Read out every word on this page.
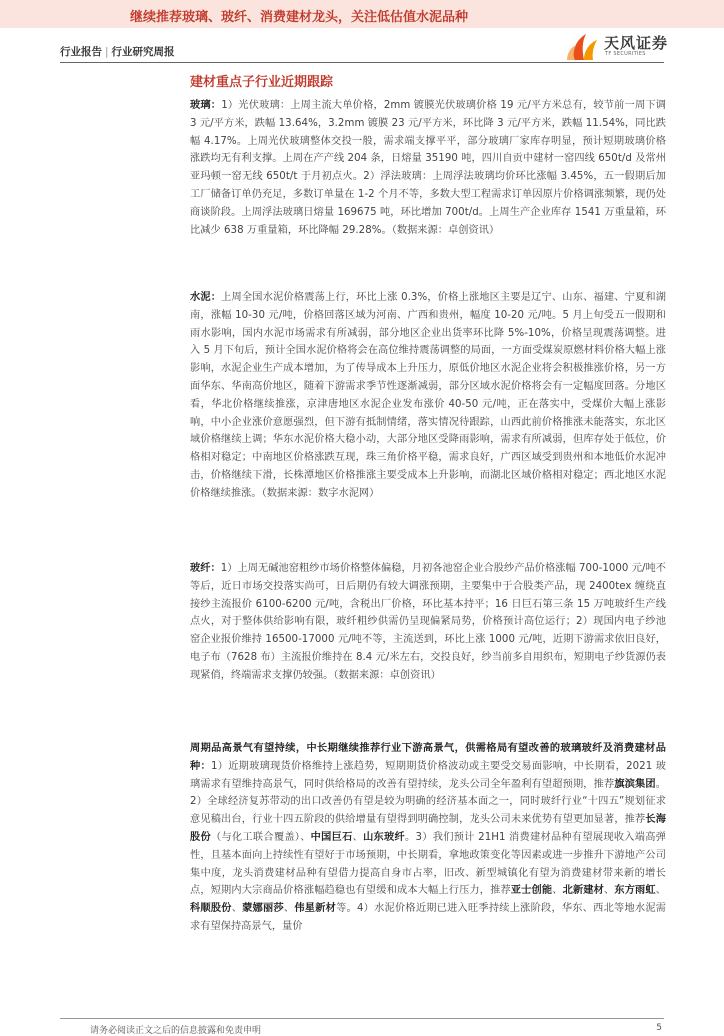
行业报告 | 行业研究周报	天风证券
TF SECURITIES
建材重点子行业近期跟踪
玻璃：1）光伏玻璃：上周主流大单价格，2mm 镀膜光伏玻璃价格 19 元/平方米总有，较节前一周下调 3 元/平方米，跌幅 13.64%，3.2mm 镀膜 23 元/平方米，环比降 3 元/平方米，跌幅 11.54%，同比跌幅 4.17%。上周光伏玻璃整体交投一般，需求端支撑平平，部分玻璃厂家库存明显，预计短期玻璃价格涨跌均无有利支撑。上周在产产线 204 条，日熔量 35190 吨，四川自贡中建材一窑四线 650t/d 及常州亚玛顿一窑无线 650t/t 于月初点火。2）浮法玻璃：上周浮法玻璃均价环比涨幅 3.45%，五一假期后加工厂储备订单仍充足，多数订单量在 1-2 个月不等，多数大型工程需求订单因原片价格调涨频繁，现仍处商谈阶段。上周浮法玻璃日熔量 169675 吨，环比增加 700t/d。上周生产企业库存 1541 万重量箱，环比减少 638 万重量箱，环比降幅 29.28%。（数据来源：卓创资讯）
水泥：上周全国水泥价格震荡上行，环比上涨 0.3%，价格上涨地区主要是辽宁、山东、福建、宁夏和湖南，涨幅 10-30 元/吨，价格回落区域为河南、广西和贵州，幅度 10-20 元/吨。5 月上旬受五一假期和雨水影响，国内水泥市场需求有所减弱，部分地区企业出货率环比降 5%-10%，价格呈现震荡调整。进入 5 月下旬后，预计全国水泥价格将会在高位维持震荡调整的局面，一方面受煤炭原燃材料价格大幅上涨影响，水泥企业生产成本增加，为了传导成本上升压力，原低价地区水泥企业将会积极推涨价格，另一方面华东、华南高价地区，随着下游需求季节性逐渐减弱，部分区域水泥价格将会有一定幅度回落。分地区看，华北价格继续推涨，京津唐地区水泥企业发布涨价 40-50 元/吨，正在落实中，受煤价大幅上涨影响，中小企业涨价意愿强烈，但下游有抵制情绪，落实情况待跟踪，山西此前价格推涨未能落实，东北区域价格继续上调；华东水泥价格大稳小动，大部分地区受降雨影响，需求有所减弱，但库存处于低位，价格相对稳定；中南地区价格涨跌互现，珠三角价格平稳，需求良好，广西区域受到贵州和本地低价水泥冲击，价格继续下滑，长株潭地区价格推涨主要受成本上升影响，而湖北区域价格相对稳定；西北地区水泥价格继续推涨。（数据来源：数字水泥网）
玻纤：1）上周无碱池窑粗纱市场价格整体偏稳，月初各池窑企业合股纱产品价格涨幅 700-1000 元/吨不等后，近日市场交投落实尚可，日后期仍有较大调涨预期，主要集中于合股类产品，现 2400tex 缠绕直接纱主流报价 6100-6200 元/吨，含税出厂价格，环比基本持平；16 日巨石第三条 15 万吨玻纤生产线点火，对于整体供给影响有限，玻纤粗纱供需仍呈现偏紧局势，价格预计高位运行；2）现国内电子纱池窑企业报价维持 16500-17000 元/吨不等，主流送到，环比上涨 1000 元/吨，近期下游需求依旧良好，电子布（7628 布）主流报价维持在 8.4 元/米左右，交投良好，纱当前多自用织布，短期电子纱货源仍表现紧俏，终端需求支撑仍较强。（数据来源：卓创资讯）
继续推荐玻璃、玻纤、消费建材龙头，关注低估值水泥品种
周期品高景气有望持续，中长期继续推荐行业下游高景气，供需格局有望改善的玻璃玻纤及消费建材品种：1）近期玻璃现货价格维持上涨趋势，短期期货价格波动或主要受交易面影响，中长期看，2021 玻璃需求有望维持高景气，同时供给格局的改善有望持续，龙头公司全年盈利有望超预期，推荐旗滨集团。2）全球经济复苏带动的出口改善仍有望是较为明确的经济基本面之一，同时玻纤行业“十四五”规划征求意见稿出台，行业十四五阶段的供给增量有望得到明确控制，龙头公司未来优势有望更加显著，推荐长海股份（与化工联合覆盖）、中国巨石、山东玻纤。3）我们预计 21H1 消费建材品种有望展现收入端高弹性，且基本面向上持续性有望好于市场预期，中长期看，拿地政策变化等因素或进一步推升下游地产公司集中度，龙头消费建材品种有望借力提高自身市占率，旧改、新型城镇化有望为消费建材带来新的增长点，短期内大宗商品价格涨幅趋稳也有望缓和成本大幅上行压力，推荐亚士创能、北新建材、东方雨虹、科顺股份、蒙娜丽莎、伟星新材等。4）水泥价格近期已进入旺季持续上涨阶段，华东、西北等地水泥需求有望保持高景气，量价
请务必阅读正文之后的信息披露和免责申明	5
